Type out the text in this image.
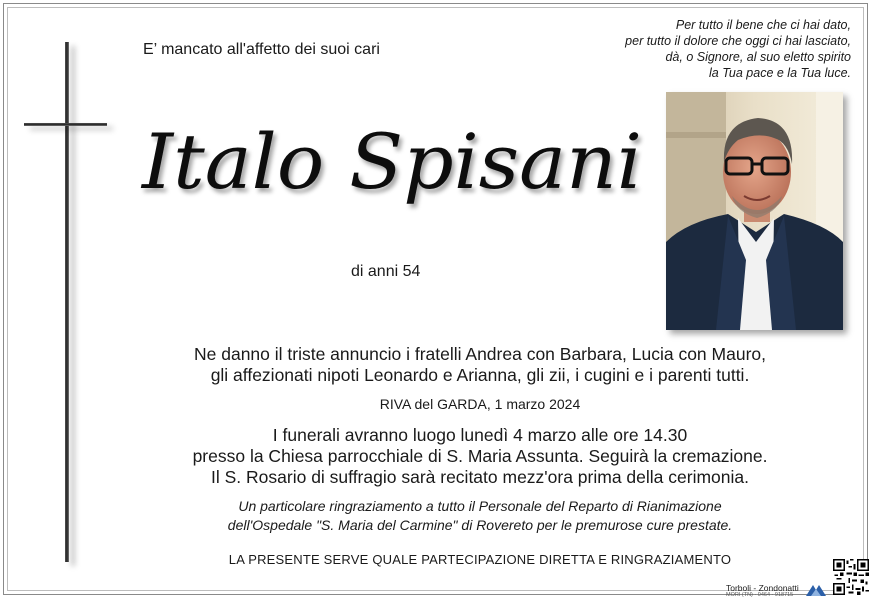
E’ mancato all'affetto dei suoi cari
Per tutto il bene che ci hai dato,
per tutto il dolore che oggi ci hai lasciato,
dà, o Signore, al suo eletto spirito
la Tua pace e la Tua luce.
Italo Spisani
di anni 54
Ne danno il triste annuncio i fratelli Andrea con Barbara, Lucia con Mauro,
gli affezionati nipoti Leonardo e Arianna, gli zii, i cugini e i parenti tutti.
RIVA del GARDA, 1 marzo 2024
I funerali avranno luogo lunedì 4 marzo alle ore 14.30
presso la Chiesa parrocchiale di S. Maria Assunta. Seguirà la cremazione.
Il S. Rosario di suffragio sarà recitato mezz'ora prima della cerimonia.
Un particolare ringraziamento a tutto il Personale del Reparto di Rianimazione
dell'Ospedale "S. Maria del Carmine" di Rovereto per le premurose cure prestate.
LA PRESENTE SERVE QUALE PARTECIPAZIONE DIRETTA E RINGRAZIAMENTO
Torboli - Zondonatti
MORI (TN) · 0464 - 918715
